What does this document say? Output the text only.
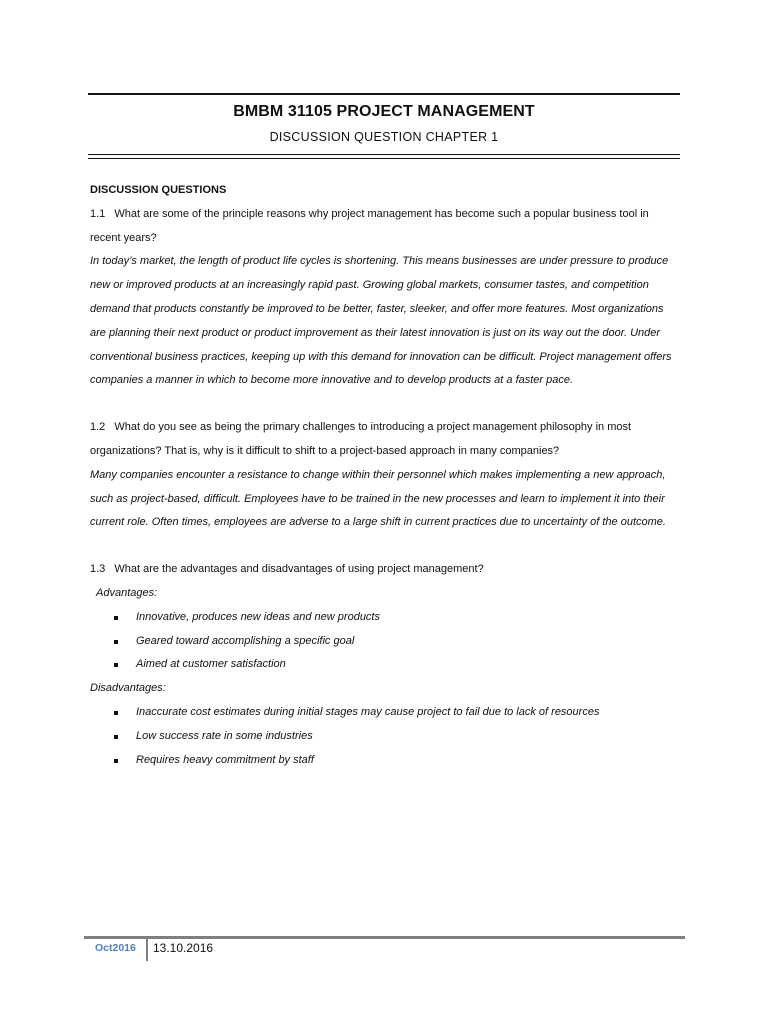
BMBM 31105 PROJECT MANAGEMENT
DISCUSSION QUESTION CHAPTER 1
DISCUSSION QUESTIONS
1.1 What are some of the principle reasons why project management has become such a popular business tool in recent years?
In today’s market, the length of product life cycles is shortening. This means businesses are under pressure to produce new or improved products at an increasingly rapid past. Growing global markets, consumer tastes, and competition demand that products constantly be improved to be better, faster, sleeker, and offer more features. Most organizations are planning their next product or product improvement as their latest innovation is just on its way out the door. Under conventional business practices, keeping up with this demand for innovation can be difficult. Project management offers companies a manner in which to become more innovative and to develop products at a faster pace.
1.2 What do you see as being the primary challenges to introducing a project management philosophy in most organizations? That is, why is it difficult to shift to a project-based approach in many companies?
Many companies encounter a resistance to change within their personnel which makes implementing a new approach, such as project-based, difficult. Employees have to be trained in the new processes and learn to implement it into their current role. Often times, employees are adverse to a large shift in current practices due to uncertainty of the outcome.
1.3 What are the advantages and disadvantages of using project management?
Advantages:
Innovative, produces new ideas and new products
Geared toward accomplishing a specific goal
Aimed at customer satisfaction
Disadvantages:
Inaccurate cost estimates during initial stages may cause project to fail due to lack of resources
Low success rate in some industries
Requires heavy commitment by staff
Oct2016 13.10.2016
